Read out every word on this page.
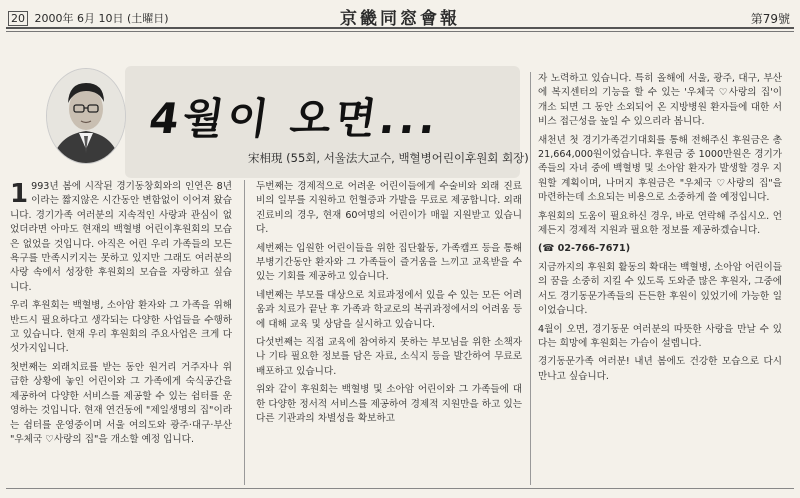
20 2000年 6月 10日 (土曜日)	京畿同窓會報	第79號
4월이 오면...
宋相現 (55회, 서울法大교수, 백혈병어린이후원회 회장)

1 993년 봄에 시작된 경기동창회와의 인연은 8년이라는 짧지않은 시간동안 변함없이 이어져 왔습니다. 경기가족 여러분의 지속적인 사랑과 관심이 없었더라면 아마도 현재의 백혈병 어린이후원회의 모습은 없었을 것입니다. 아직은 어린 우리 가족들의 모든 욕구를 만족시키지는 못하고 있지만 그래도 여러분의 사랑 속에서 성장한 후원회의 모습을 자랑하고 싶습니다.

우리 후원회는 백혈병, 소아암 환자와 그 가족을 위해 반드시 필요하다고 생각되는 다양한 사업들을 수행하고 있습니다. 현재 우리 후원회의 주요사업은 크게 다섯가지입니다.

첫번째는 외래치료를 받는 동안 원거리 거주자나 위급한 상황에 놓인 어린이와 그 가족에게 숙식공간을 제공하여 다양한 서비스를 제공할 수 있는 쉼터를 운영하는 것입니다. 현재 연건동에 "제일생명의 집"이라는 쉼터를 운영중이며 서울 여의도와 광주·대구·부산 "우체국 ♡사랑의 집"을 개소할 예정 입니다.

두번째는 경제적으로 어려운 어린이들에게 수술비와 외래 진료비의 일부를 지원하고 헌혈증과 가발을 무료로 제공합니다. 외래 진료비의 경우, 현재 60여명의 어린이가 매월 지원받고 있습니다.

세번째는 입원한 어린이들을 위한 집단활동, 가족캠프 등을 통해 부병기간동안 환자와 그 가족들이 즐거움을 느끼고 교육받을 수 있는 기회를 제공하고 있습니다.

네번째는 부모를 대상으로 치료과정에서 있을 수 있는 모든 어려움과 치료가 끝난 후 가족과 학교로의 복귀과정에서의 어려움 등에 대해 교육 및 상담을 실시하고 있습니다.

다섯번째는 직접 교육에 참여하지 못하는 부모님을 위한 소책자나 기타 필요한 정보를 담은 자료, 소식지 등을 발간하여 무료로 배포하고 있습니다.

위와 같이 후원회는 백혈병 및 소아암 어린이와 그 가족들에 대한 다양한 정서적 서비스를 제공하여 경제적 지원만을 하고 있는 다른 기관과의 차별성을 확보하고

자 노력하고 있습니다. 특히 올해에 서울, 광주, 대구, 부산에 복지센터의 기능을 할 수 있는 '우체국 ♡사랑의 집'이 개소 되면 그 동안 소외되어 온 지방병원 환자들에 대한 서비스 접근성을 높일 수 있으리라 봅니다.

새천년 첫 경기가족걷기대회를 통해 전해주신 후원금은 총 21,664,000원이었습니다. 후원금 중 1000만원은 경기가족들의 자녀 중에 백혈병 및 소아암 환자가 발생할 경우 지원할 계획이며, 나머지 후원금은 "우체국 ♡사랑의 집"을 마련하는데 소요되는 비용으로 소중하게 쓸 예정입니다.

후원회의 도움이 필요하신 경우, 바로 연락해 주십시오. 언제든지 경제적 지원과 필요한 정보를 제공하겠습니다.

(☎ 02-766-7671)

지금까지의 후원회 활동의 확대는 백혈병, 소아암 어린이들의 꿈을 소중히 지킬 수 있도록 도와준 많은 후원자, 그중에서도 경기동문가족들의 든든한 후원이 있었기에 가능한 일이었습니다.

4월이 오면, 경기동문 여러분의 따뜻한 사랑을 만날 수 있다는 희망에 후원회는 가슴이 설렙니다.

경기동문가족 여러분! 내년 봄에도 건강한 모습으로 다시 만나고 싶습니다.
